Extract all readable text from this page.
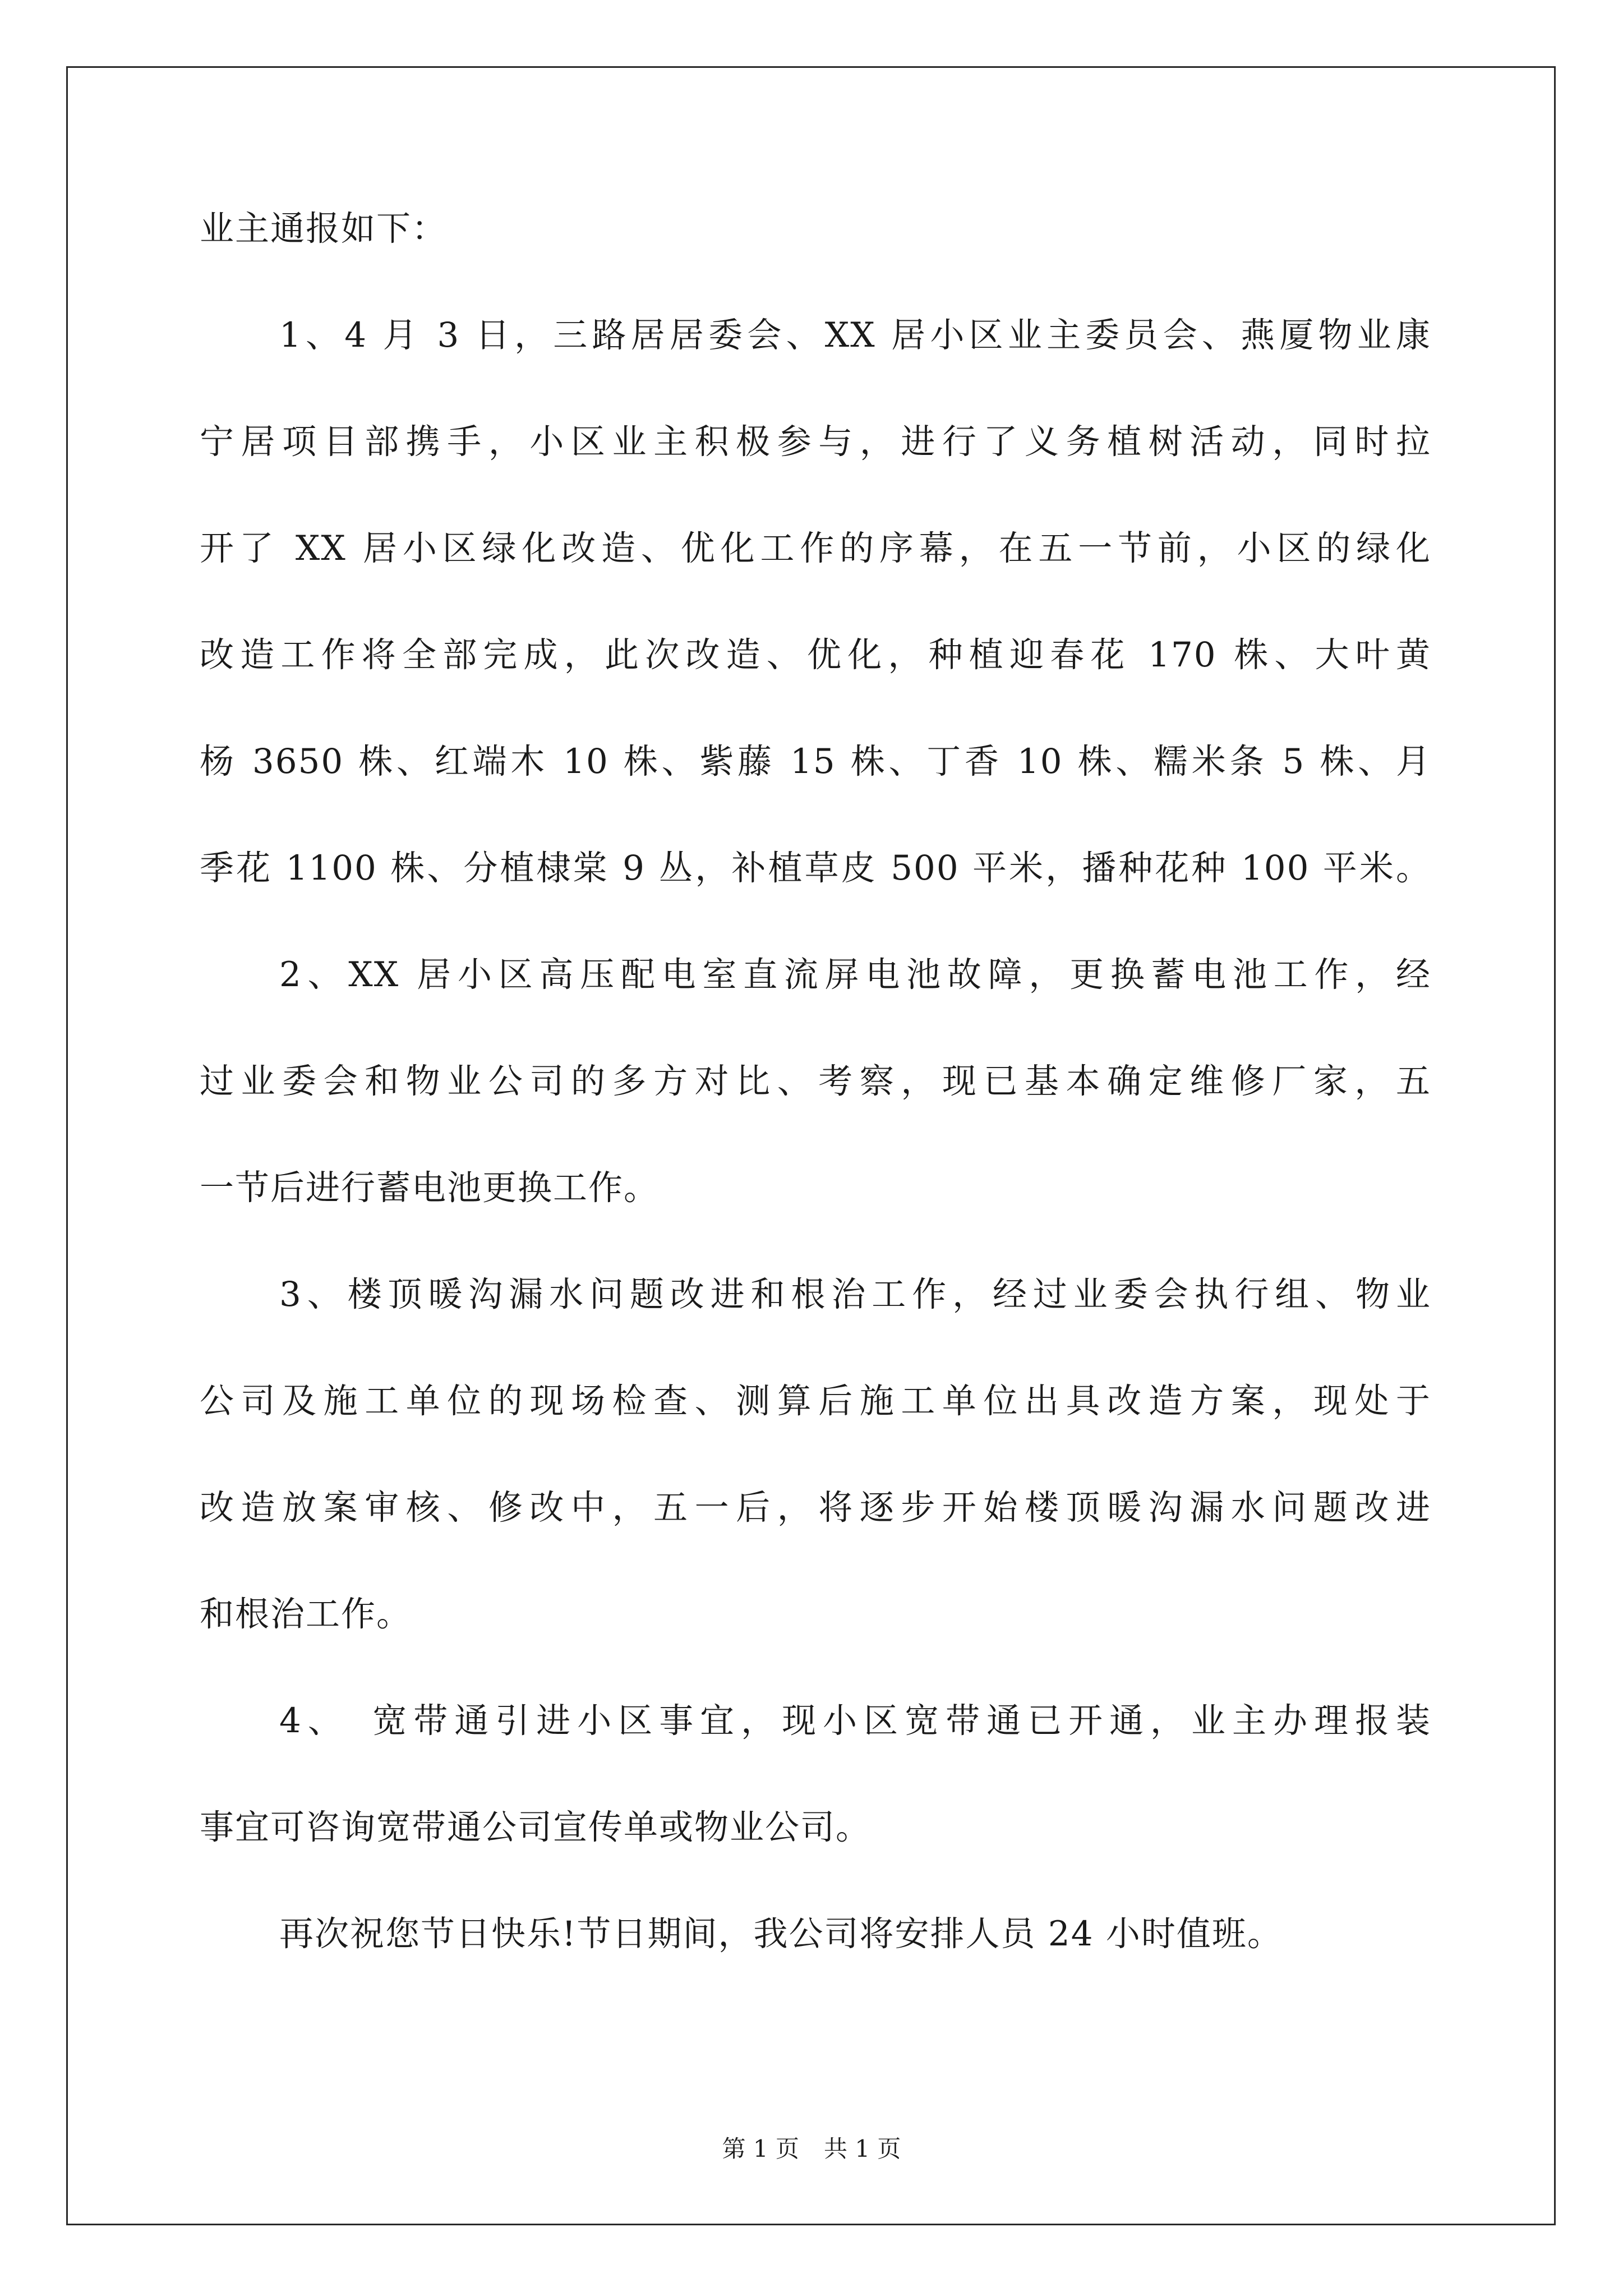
业主通报如下：
1、4 月 3 日，三路居居委会、XX 居小区业主委员会、燕厦物业康
宁居项目部携手，小区业主积极参与，进行了义务植树活动，同时拉
开了 XX 居小区绿化改造、优化工作的序幕，在五一节前，小区的绿化
改造工作将全部完成，此次改造、优化，种植迎春花 170 株、大叶黄
杨 3650 株、红端木 10 株、紫藤 15 株、丁香 10 株、糯米条 5 株、月
季花 1100 株、分植棣棠 9 丛，补植草皮 500 平米，播种花种 100 平米。
2、XX 居小区高压配电室直流屏电池故障，更换蓄电池工作，经
过业委会和物业公司的多方对比、考察，现已基本确定维修厂家，五
一节后进行蓄电池更换工作。
3、楼顶暖沟漏水问题改进和根治工作，经过业委会执行组、物业
公司及施工单位的现场检查、测算后施工单位出具改造方案，现处于
改造放案审核、修改中，五一后，将逐步开始楼顶暖沟漏水问题改进
和根治工作。
4、　宽带通引进小区事宜，现小区宽带通已开通，业主办理报装
事宜可咨询宽带通公司宣传单或物业公司。
再次祝您节日快乐!节日期间，我公司将安排人员 24 小时值班。
第 1 页 共 1 页
